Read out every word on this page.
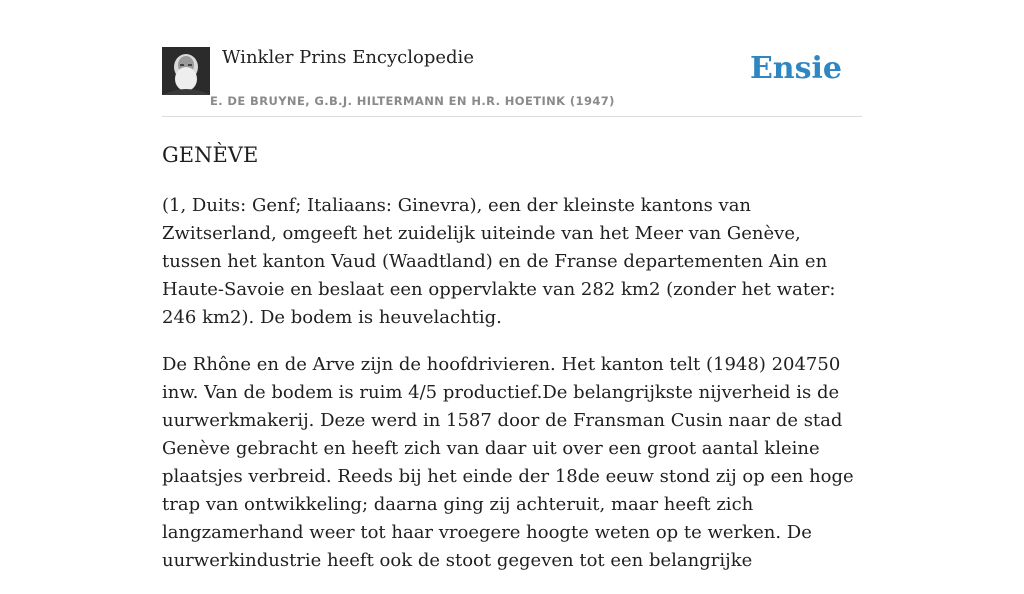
Winkler Prins Encyclopedie
E. DE BRUYNE, G.B.J. HILTERMANN EN H.R. HOETINK (1947)
Ensie
GENÈVE

(1, Duits: Genf; Italiaans: Ginevra), een der kleinste kantons van Zwitserland, omgeeft het zuidelijk uiteinde van het Meer van Genève, tussen het kanton Vaud (Waadtland) en de Franse departementen Ain en Haute-Savoie en beslaat een oppervlakte van 282 km2 (zonder het water: 246 km2). De bodem is heuvelachtig.

De Rhône en de Arve zijn de hoofdrivieren. Het kanton telt (1948) 204750 inw. Van de bodem is ruim 4/5 productief.De belangrijkste nijverheid is de uurwerkmakerij. Deze werd in 1587 door de Fransman Cusin naar de stad Genève gebracht en heeft zich van daar uit over een groot aantal kleine plaatsjes verbreid. Reeds bij het einde der 18de eeuw stond zij op een hoge trap van ontwikkeling; daarna ging zij achteruit, maar heeft zich langzamerhand weer tot haar vroegere hoogte weten op te werken. De uurwerkindustrie heeft ook de stoot gegeven tot een belangrijke
